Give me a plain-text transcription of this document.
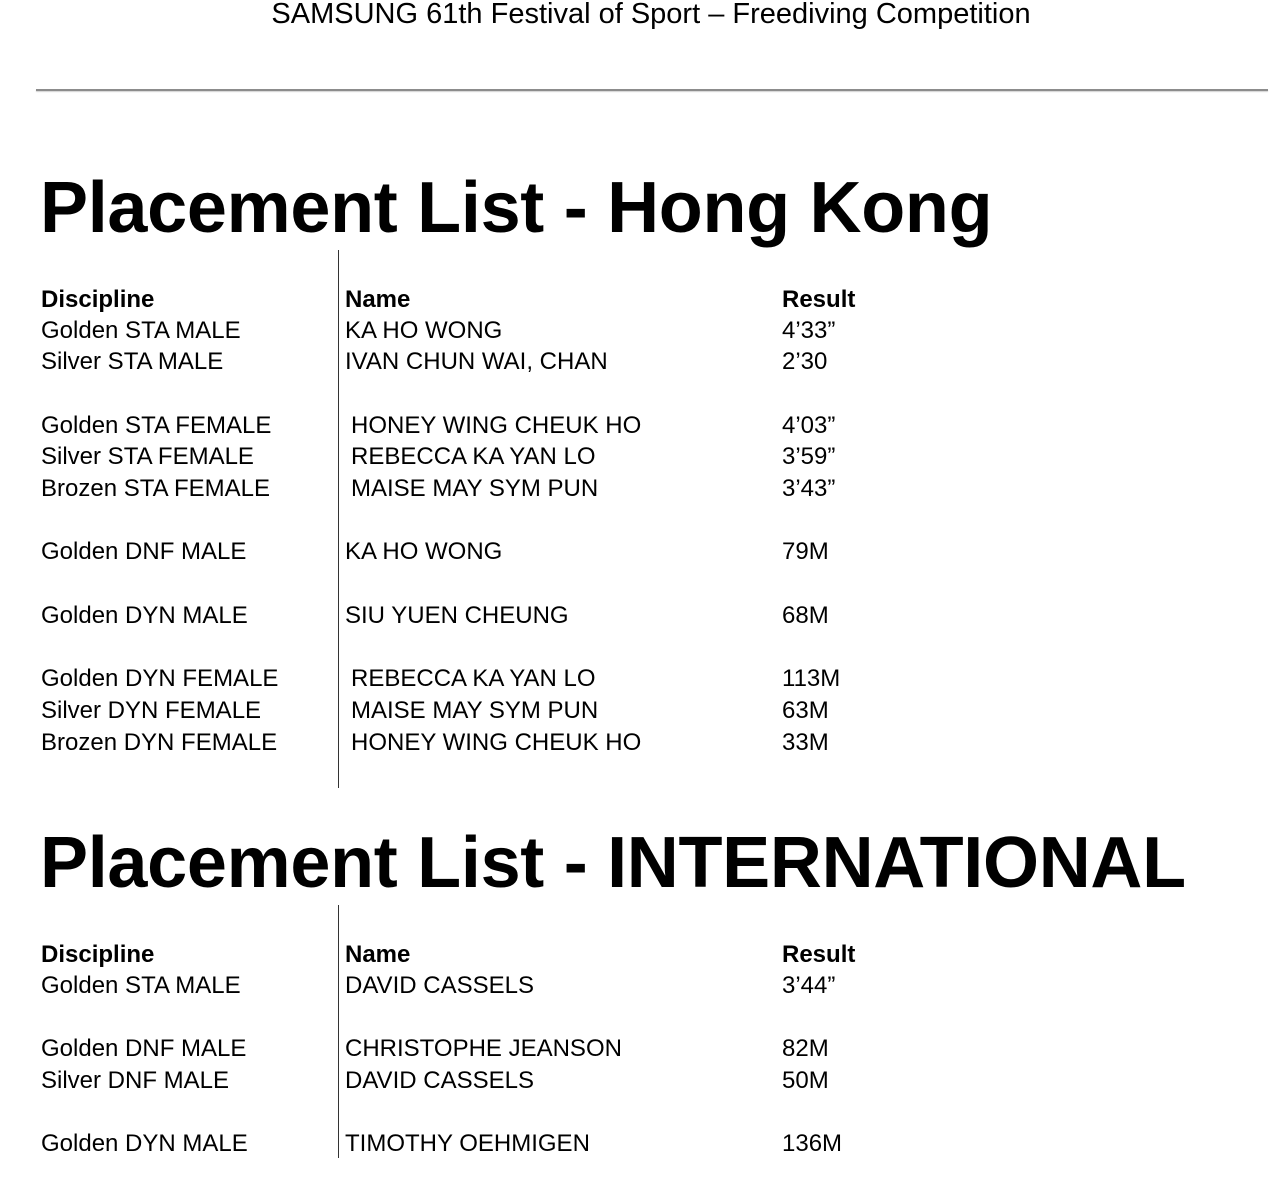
SAMSUNG 61th Festival of Sport – Freediving Competition
Placement List - Hong Kong
Discipline	Name	Result
Golden STA MALE	KA HO WONG	4’33”
Silver STA MALE	IVAN CHUN WAI, CHAN	2’30
Golden STA FEMALE	HONEY WING CHEUK HO	4’03”
Silver STA FEMALE	REBECCA KA YAN LO	3’59”
Brozen STA FEMALE	MAISE MAY SYM PUN	3’43”
Golden DNF MALE	KA HO WONG	79M
Golden DYN MALE	SIU YUEN CHEUNG	68M
Golden DYN FEMALE	REBECCA KA YAN LO	113M
Silver DYN FEMALE	MAISE MAY SYM PUN	63M
Brozen DYN FEMALE	HONEY WING CHEUK HO	33M
Placement List - INTERNATIONAL
Discipline	Name	Result
Golden STA MALE	DAVID CASSELS	3’44”
Golden DNF MALE	CHRISTOPHE JEANSON	82M
Silver DNF MALE	DAVID CASSELS	50M
Golden DYN MALE	TIMOTHY OEHMIGEN	136M
